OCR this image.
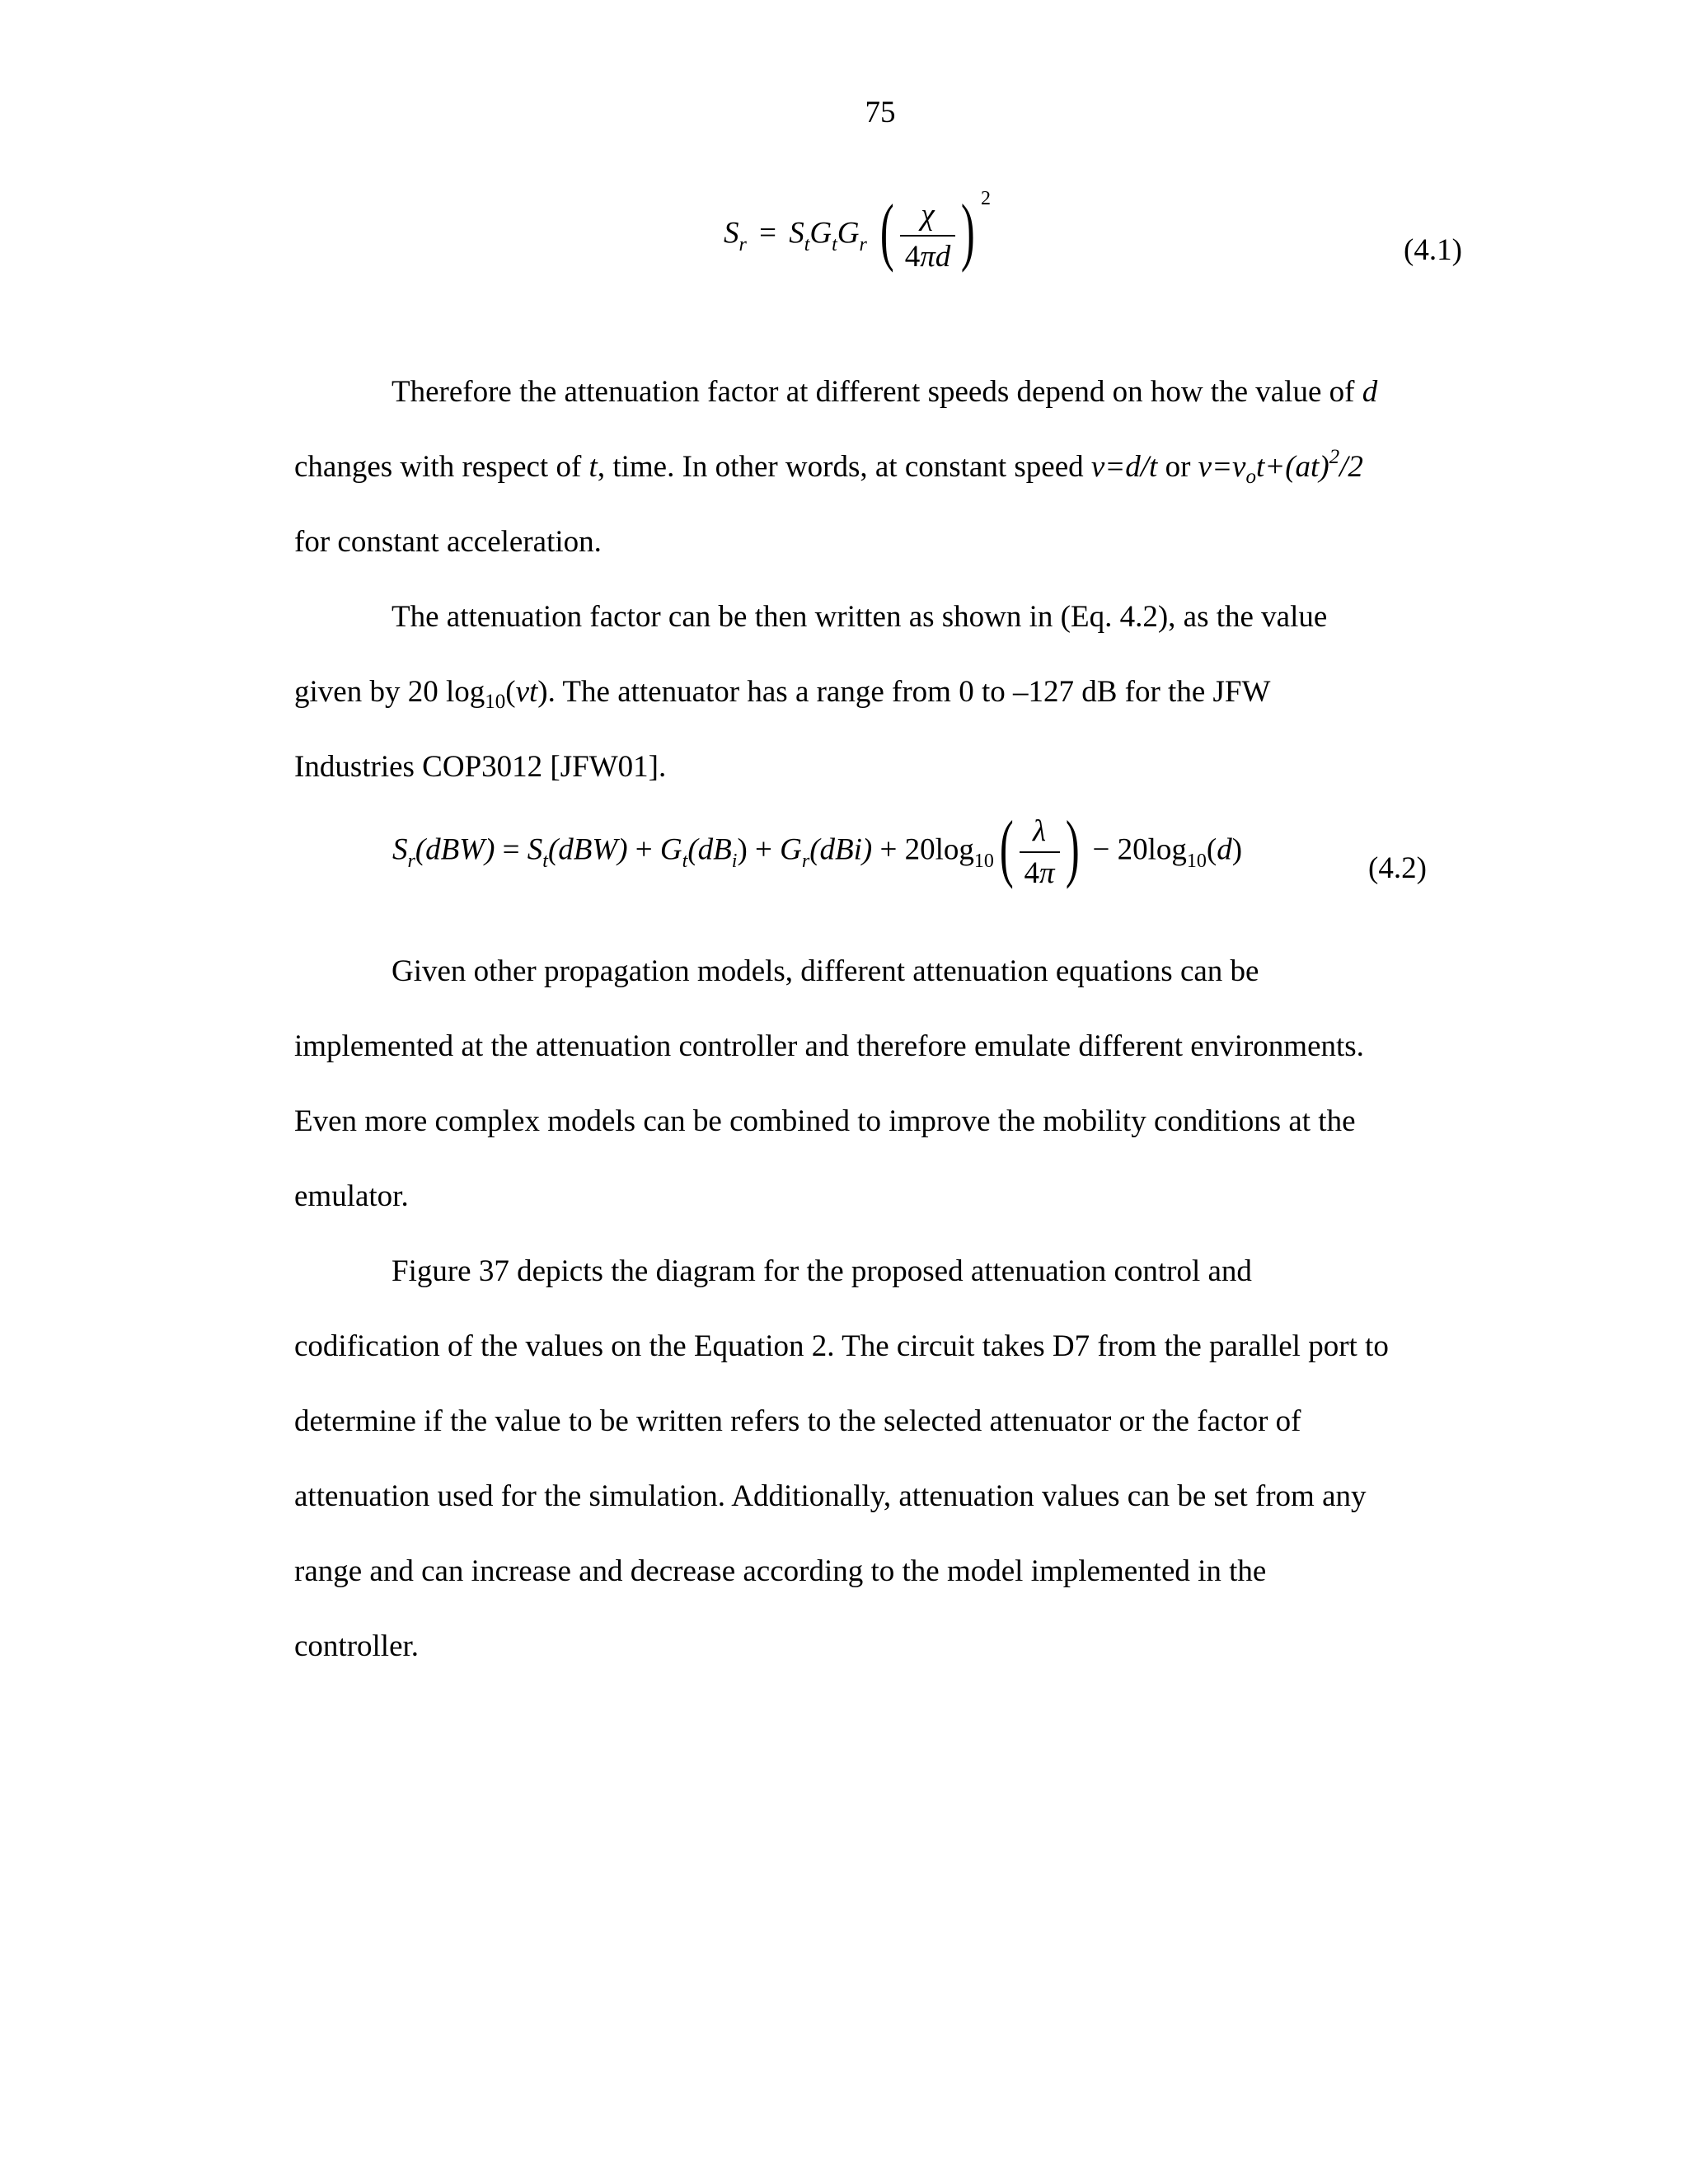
75
$S_r = S_tG_tG_r$ ( $\frac{\chi}{4\pi d}$ ) $^2$
(4.1)
Therefore the attenuation factor at different speeds depend on how the value of d
changes with respect of t, time. In other words, at constant speed v=d/t or $v=v_ot+(at)^2/2$
for constant acceleration.
The attenuation factor can be then written as shown in (Eq. 4.2), as the value
given by 20 $\log_{10}(vt)$. The attenuator has a range from 0 to –127 dB for the JFW
Industries COP3012 [JFW01].
$S_r(dBW) = S_t(dBW) + G_t(dB_i) + G_r(dBi) + 20\log_{10}( \frac{\lambda}{4\pi}$ ) − $20\log_{10}(d)$
(4.2)
Given other propagation models, different attenuation equations can be
implemented at the attenuation controller and therefore emulate different environments.
Even more complex models can be combined to improve the mobility conditions at the
emulator.
Figure 37 depicts the diagram for the proposed attenuation control and
codification of the values on the Equation 2. The circuit takes D7 from the parallel port to
determine if the value to be written refers to the selected attenuator or the factor of
attenuation used for the simulation. Additionally, attenuation values can be set from any
range and can increase and decrease according to the model implemented in the
controller.
